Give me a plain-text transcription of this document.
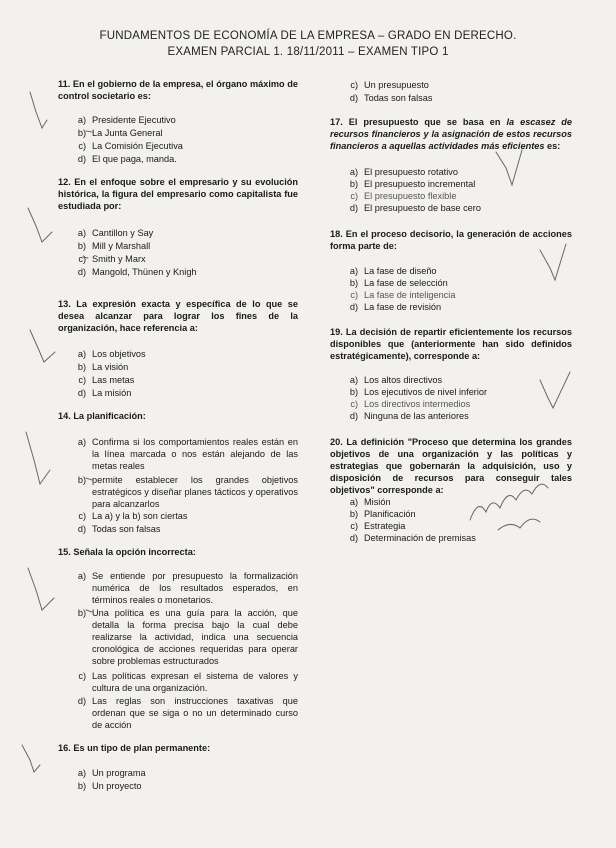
FUNDAMENTOS DE ECONOMÍA DE LA EMPRESA – GRADO EN DERECHO.
EXAMEN PARCIAL 1. 18/11/2011 – EXAMEN TIPO 1
11. En el gobierno de la empresa, el órgano máximo de control societario es:
a) Presidente Ejecutivo
b) La Junta General
c) La Comisión Ejecutiva
d) El que paga, manda.
12. En el enfoque sobre el empresario y su evolución histórica, la figura del empresario como capitalista fue estudiada por:
a) Cantillon y Say
b) Mill y Marshall
c) Smith y Marx
d) Mangold, Thünen y Knigh
13. La expresión exacta y específica de lo que se desea alcanzar para lograr los fines de la organización, hace referencia a:
a) Los objetivos
b) La visión
c) Las metas
d) La misión
14. La planificación:
a) Confirma si los comportamientos reales están en la línea marcada o nos están alejando de las metas reales
b) permite establecer los grandes objetivos estratégicos y diseñar planes tácticos y operativos para alcanzarlos
c) La a) y la b) son ciertas
d) Todas son falsas
15. Señala la opción incorrecta:
a) Se entiende por presupuesto la formalización numérica de los resultados esperados, en términos reales o monetarios.
b) Una política es una guía para la acción, que detalla la forma precisa bajo la cual debe realizarse la actividad, indica una secuencia cronológica de acciones requeridas para operar sobre problemas estructurados
c) Las políticas expresan el sistema de valores y cultura de una organización.
d) Las reglas son instrucciones taxativas que ordenan que se siga o no un determinado curso de acción
16. Es un tipo de plan permanente:
a) Un programa
b) Un proyecto
c) Un presupuesto
d) Todas son falsas
17. El presupuesto que se basa en la escasez de recursos financieros y la asignación de estos recursos financieros a aquellas actividades más eficientes es:
a) El presupuesto rotativo
b) El presupuesto incremental
c) El presupuesto flexible
d) El presupuesto de base cero
18. En el proceso decisorio, la generación de acciones forma parte de:
a) La fase de diseño
b) La fase de selección
c) La fase de inteligencia
d) La fase de revisión
19. La decisión de repartir eficientemente los recursos disponibles que (anteriormente han sido definidos estratégicamente), corresponde a:
a) Los altos directivos
b) Los ejecutivos de nivel inferior
c) Los directivos intermedios
d) Ninguna de las anteriores
20. La definición "Proceso que determina los grandes objetivos de una organización y las políticas y estrategias que gobernarán la adquisición, uso y disposición de recursos para conseguir tales objetivos" corresponde a:
a) Misión
b) Planificación
c) Estrategia
d) Determinación de premisas
